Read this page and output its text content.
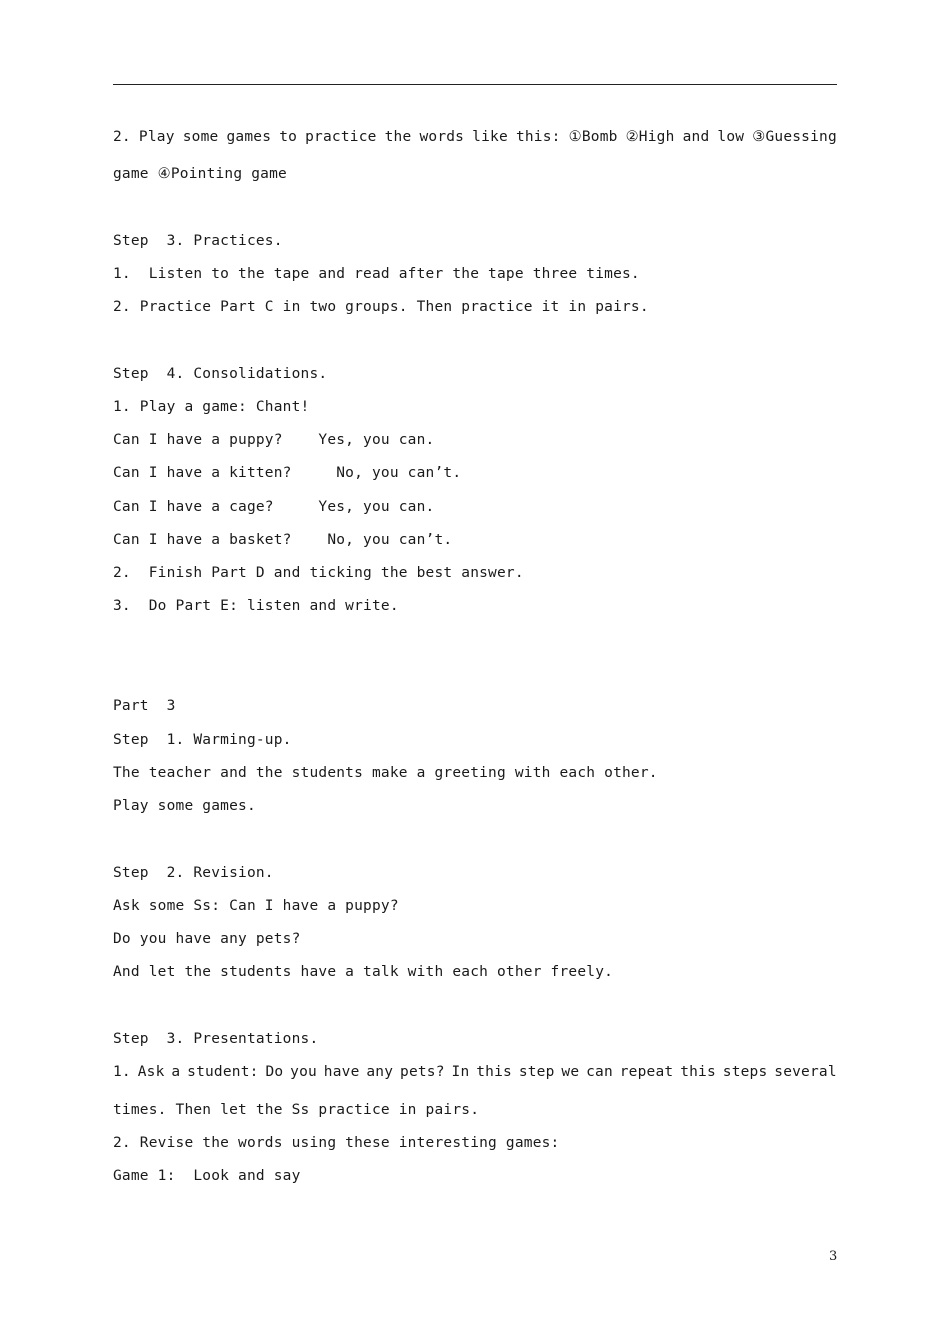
2. Play some games to practice the words like this: ①Bomb ②High and low ③Guessing
game ④Pointing game
Step  3. Practices.
1.  Listen to the tape and read after the tape three times.
2. Practice Part C in two groups. Then practice it in pairs.
Step  4. Consolidations.
1. Play a game: Chant!
Can I have a puppy?    Yes, you can.
Can I have a kitten?     No, you can’t.
Can I have a cage?     Yes, you can.
Can I have a basket?    No, you can’t.
2.  Finish Part D and ticking the best answer.
3.  Do Part E: listen and write.
Part  3
Step  1. Warming-up.
The teacher and the students make a greeting with each other.
Play some games.
Step  2. Revision.
Ask some Ss: Can I have a puppy?
Do you have any pets?
And let the students have a talk with each other freely.
Step  3. Presentations.
1. Ask a student: Do you have any pets? In this step we can repeat this steps several
times. Then let the Ss practice in pairs.
2. Revise the words using these interesting games:
Game 1:  Look and say
3
